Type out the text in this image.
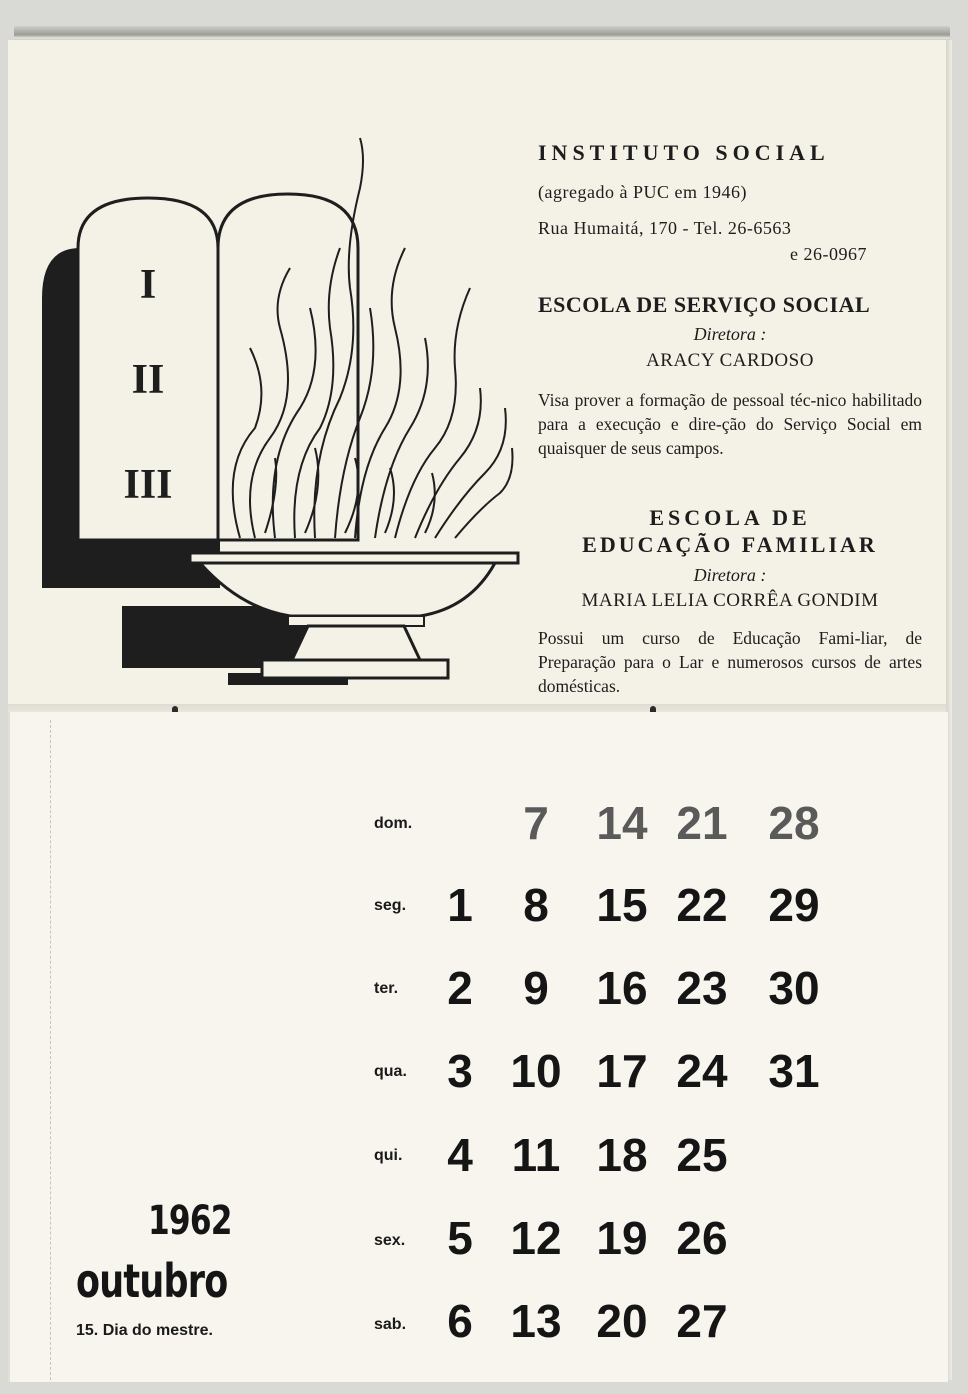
I
II
III
INSTITUTO SOCIAL
(agregado à PUC em 1946)
Rua Humaitá, 170 - Tel. 26-6563
e 26-0967
ESCOLA DE SERVIÇO SOCIAL
Diretora :
ARACY CARDOSO
Visa prover a formação de pessoal téc-nico habilitado para a execução e dire-ção do Serviço Social em quaisquer de seus campos.
ESCOLA DE
EDUCAÇÃO FAMILIAR
Diretora :
MARIA LELIA CORRÊA GONDIM
Possui um curso de Educação Fami-liar, de Preparação para o Lar e numerosos cursos de artes domésticas.
dom.	7	14 21 28
seg. 1	8	15 22 29
ter.	2	9	16 23 30
qua. 3 10 17 24 31
qui. 4 11 18 25
sex. 5 12 19 26
sab. 6 13 20 27
1962
outubro
15. Dia do mestre.
